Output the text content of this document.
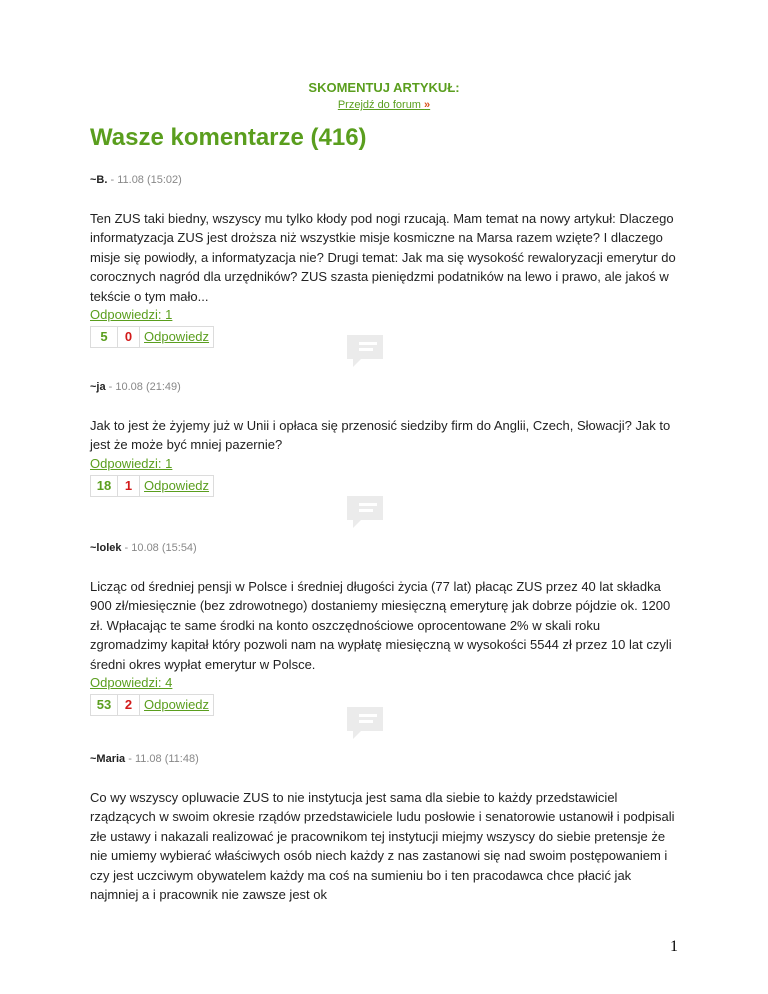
SKOMENTUJ ARTYKUŁ:
Przejdź do forum »
Wasze komentarze (416)
~B. - 11.08 (15:02)
Ten ZUS taki biedny, wszyscy mu tylko kłody pod nogi rzucają. Mam temat na nowy artykuł: Dlaczego informatyzacja ZUS jest droższa niż wszystkie misje kosmiczne na Marsa razem wzięte? I dlaczego misje się powiodły, a informatyzacja nie? Drugi temat: Jak ma się wysokość rewaloryzacji emerytur do corocznych nagród dla urzędników? ZUS szasta pieniędzmi podatników na lewo i prawo, ale jakoś w tekście o tym mało...
Odpowiedzi: 1
5	0 Odpowiedz
~ja - 10.08 (21:49)
Jak to jest że żyjemy już w Unii i opłaca się przenosić siedziby firm do Anglii, Czech, Słowacji? Jak to jest że może być mniej pazernie?
Odpowiedzi: 1
18	1 Odpowiedz
~lolek - 10.08 (15:54)
Licząc od średniej pensji w Polsce i średniej długości życia (77 lat) płacąc ZUS przez 40 lat składka 900 zł/miesięcznie (bez zdrowotnego) dostaniemy miesięczną emeryturę jak dobrze pójdzie ok. 1200 zł. Wpłacając te same środki na konto oszczędnościowe oprocentowane 2% w skali roku zgromadzimy kapitał który pozwoli nam na wypłatę miesięczną w wysokości 5544 zł przez 10 lat czyli średni okres wypłat emerytur w Polsce.
Odpowiedzi: 4
53	2 Odpowiedz
~Maria - 11.08 (11:48)
Co wy wszyscy opluwacie ZUS to nie instytucja jest sama dla siebie to każdy przedstawiciel rządzących w swoim okresie rządów przedstawiciele ludu posłowie i senatorowie ustanowił i podpisali złe ustawy i nakazali realizować je pracownikom tej instytucji miejmy wszyscy do siebie pretensje że nie umiemy wybierać właściwych osób niech każdy z nas zastanowi się nad swoim postępowaniem i czy jest uczciwym obywatelem każdy ma coś na sumieniu bo i ten pracodawca chce płacić jak najmniej a i pracownik nie zawsze jest ok
1
